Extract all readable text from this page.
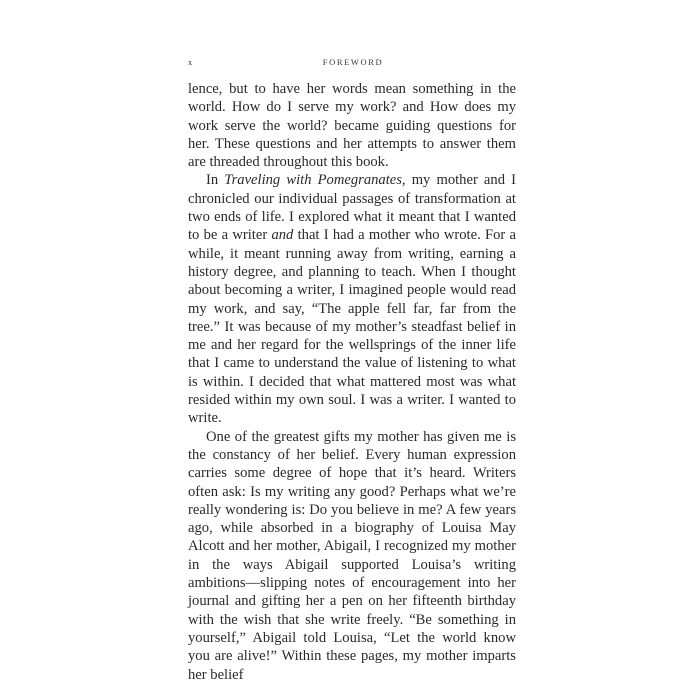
x	FOREWORD

lence, but to have her words mean something in the world. How do I serve my work? and How does my work serve the world? became guiding questions for her. These questions and her attempts to answer them are threaded throughout this book.

In Traveling with Pomegranates, my mother and I chronicled our individual passages of transformation at two ends of life. I explored what it meant that I wanted to be a writer and that I had a mother who wrote. For a while, it meant running away from writing, earning a history degree, and planning to teach. When I thought about becoming a writer, I imagined people would read my work, and say, “The apple fell far, far from the tree.” It was because of my mother’s steadfast belief in me and her regard for the wellsprings of the inner life that I came to understand the value of listening to what is within. I decided that what mattered most was what resided within my own soul. I was a writer. I wanted to write.

One of the greatest gifts my mother has given me is the constancy of her belief. Every human expression carries some degree of hope that it’s heard. Writers often ask: Is my writing any good? Perhaps what we’re really wondering is: Do you believe in me? A few years ago, while absorbed in a biography of Louisa May Alcott and her mother, Abigail, I recognized my mother in the ways Abigail supported Louisa’s writing ambitions—slipping notes of encouragement into her journal and gifting her a pen on her fifteenth birthday with the wish that she write freely. “Be something in yourself,” Abigail told Louisa, “Let the world know you are alive!” Within these pages, my mother imparts her belief
